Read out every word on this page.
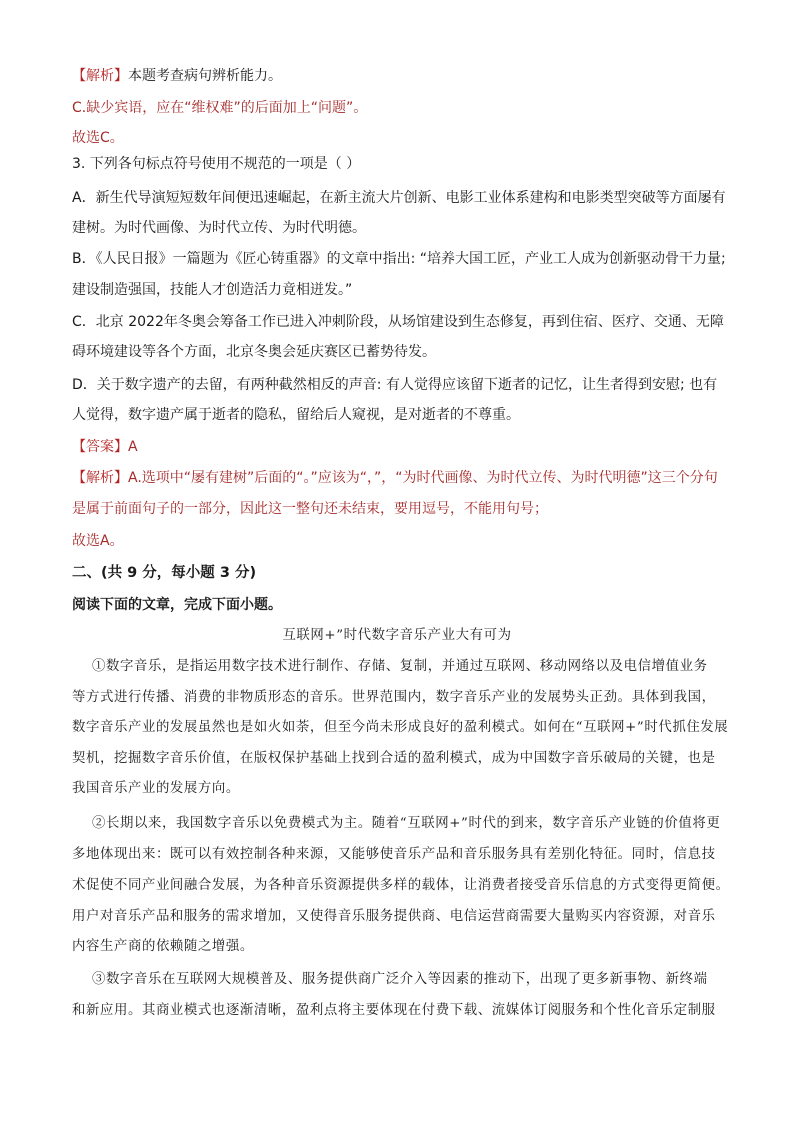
【解析】本题考查病句辨析能力。
C.缺少宾语，应在“维权难”的后面加上“问题”。
故选C。
3. 下列各句标点符号使用不规范的一项是（ ）
A．新生代导演短短数年间便迅速崛起，在新主流大片创新、电影工业体系建构和电影类型突破等方面屡有
建树。为时代画像、为时代立传、为时代明德。
B．《人民日报》一篇题为《匠心铸重器》的文章中指出: “培养大国工匠，产业工人成为创新驱动骨干力量;
建设制造强国，技能人才创造活力竟相迸发。”
C．北京 2022年冬奥会筹备工作已进入冲刺阶段，从场馆建设到生态修复，再到住宿、医疗、交通、无障
碍环境建设等各个方面，北京冬奥会延庆赛区已蓄势待发。
D．关于数字遗产的去留，有两种截然相反的声音: 有人觉得应该留下逝者的记忆，让生者得到安慰; 也有
人觉得，数字遗产属于逝者的隐私，留给后人窥视，是对逝者的不尊重。
【答案】A
【解析】A.选项中“屡有建树”后面的“。”应该为“，”，“为时代画像、为时代立传、为时代明德”这三个分句
是属于前面句子的一部分，因此这一整句还未结束，要用逗号，不能用句号；
故选A。
二、(共 9 分，每小题 3 分)
阅读下面的文章，完成下面小题。
互联网+”时代数字音乐产业大有可为
①数字音乐，是指运用数字技术进行制作、存储、复制，并通过互联网、移动网络以及电信增值业务
等方式进行传播、消费的非物质形态的音乐。世界范围内，数字音乐产业的发展势头正劲。具体到我国，
数字音乐产业的发展虽然也是如火如荼，但至今尚未形成良好的盈利模式。如何在“互联网+”时代抓住发展
契机，挖掘数字音乐价值，在版权保护基础上找到合适的盈利模式，成为中国数字音乐破局的关键，也是
我国音乐产业的发展方向。
②长期以来，我国数字音乐以免费模式为主。随着“互联网+”时代的到来，数字音乐产业链的价值将更
多地体现出来：既可以有效控制各种来源，又能够使音乐产品和音乐服务具有差别化特征。同时，信息技
术促使不同产业间融合发展，为各种音乐资源提供多样的载体，让消费者接受音乐信息的方式变得更简便。
用户对音乐产品和服务的需求增加，又使得音乐服务提供商、电信运营商需要大量购买内容资源，对音乐
内容生产商的依赖随之增强。
③数字音乐在互联网大规模普及、服务提供商广泛介入等因素的推动下，出现了更多新事物、新终端
和新应用。其商业模式也逐渐清晰，盈利点将主要体现在付费下载、流媒体订阅服务和个性化音乐定制服
